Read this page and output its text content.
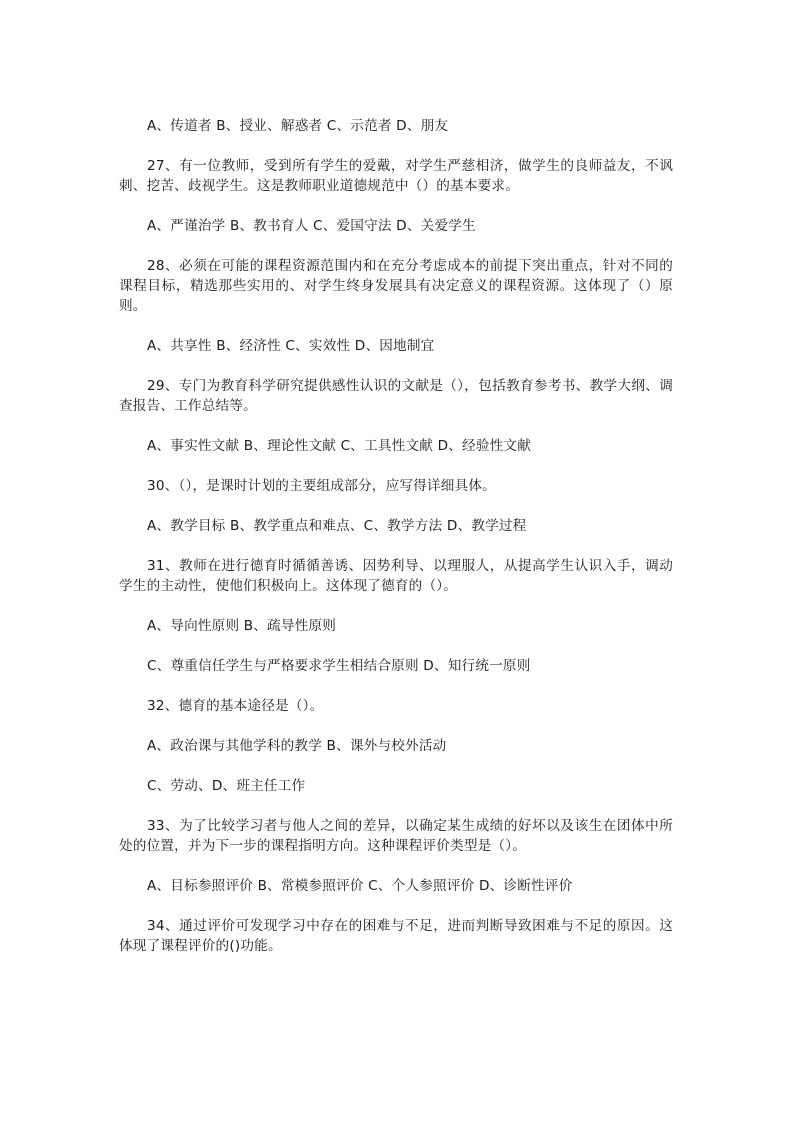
A、传道者 B、授业、解惑者 C、示范者 D、朋友

27、有一位教师，受到所有学生的爱戴，对学生严慈相济，做学生的良师益友，不讽刺、挖苦、歧视学生。这是教师职业道德规范中（）的基本要求。

A、严谨治学 B、教书育人 C、爱国守法 D、关爱学生

28、必须在可能的课程资源范围内和在充分考虑成本的前提下突出重点，针对不同的课程目标，精选那些实用的、对学生终身发展具有决定意义的课程资源。这体现了（）原则。

A、共享性 B、经济性 C、实效性 D、因地制宜

29、专门为教育科学研究提供感性认识的文献是（），包括教育参考书、教学大纲、调查报告、工作总结等。

A、事实性文献 B、理论性文献 C、工具性文献 D、经验性文献

30、（），是课时计划的主要组成部分，应写得详细具体。

A、教学目标 B、教学重点和难点、C、教学方法 D、教学过程

31、教师在进行德育时循循善诱、因势利导、以理服人，从提高学生认识入手，调动学生的主动性，使他们积极向上。这体现了德育的（）。

A、导向性原则 B、疏导性原则

C、尊重信任学生与严格要求学生相结合原则 D、知行统一原则

32、德育的基本途径是（）。

A、政治课与其他学科的教学 B、课外与校外活动

C、劳动、D、班主任工作

33、为了比较学习者与他人之间的差异，以确定某生成绩的好坏以及该生在团体中所处的位置，并为下一步的课程指明方向。这种课程评价类型是（）。

A、目标参照评价 B、常模参照评价 C、个人参照评价 D、诊断性评价

34、通过评价可发现学习中存在的困难与不足，进而判断导致困难与不足的原因。这体现了课程评价的()功能。
